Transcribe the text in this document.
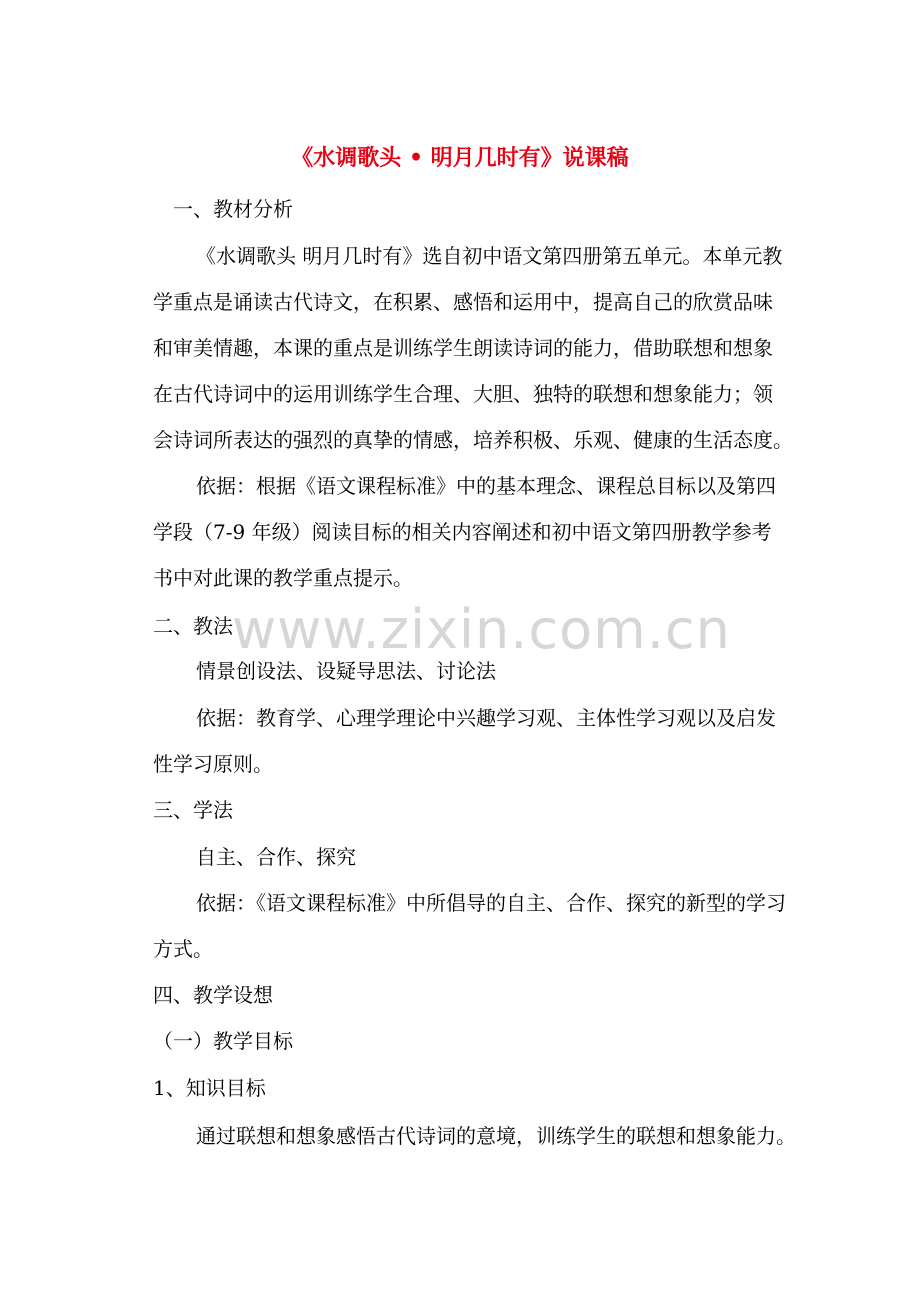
《水调歌头 • 明月几时有》说课稿
一、教材分析
《水调歌头 明月几时有》选自初中语文第四册第五单元。本单元教
学重点是诵读古代诗文，在积累、感悟和运用中，提高自己的欣赏品味
和审美情趣，本课的重点是训练学生朗读诗词的能力，借助联想和想象
在古代诗词中的运用训练学生合理、大胆、独特的联想和想象能力；领
会诗词所表达的强烈的真挚的情感，培养积极、乐观、健康的生活态度。
依据：根据《语文课程标准》中的基本理念、课程总目标以及第四
学段（7-9 年级）阅读目标的相关内容阐述和初中语文第四册教学参考
书中对此课的教学重点提示。
二、教法
情景创设法、设疑导思法、讨论法
依据：教育学、心理学理论中兴趣学习观、主体性学习观以及启发
性学习原则。
三、学法
自主、合作、探究
依据：《语文课程标准》中所倡导的自主、合作、探究的新型的学习
方式。
四、教学设想
（一）教学目标
1、知识目标
通过联想和想象感悟古代诗词的意境，训练学生的联想和想象能力。
www.zixin.com.cn
